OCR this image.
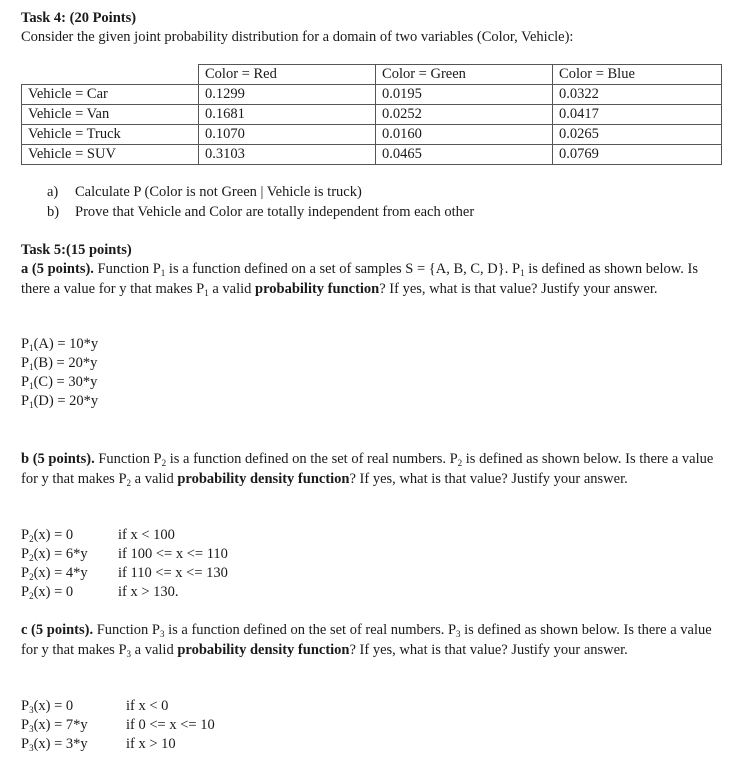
Task 4: (20 Points)
Consider the given joint probability distribution for a domain of two variables (Color, Vehicle):
	Color = Red	Color = Green	Color = Blue
Vehicle = Car	0.1299	0.0195	0.0322
Vehicle = Van	0.1681	0.0252	0.0417
Vehicle = Truck	0.1070	0.0160	0.0265
Vehicle = SUV	0.3103	0.0465	0.0769
a) Calculate P (Color is not Green | Vehicle is truck)
b) Prove that Vehicle and Color are totally independent from each other
Task 5:(15 points)
a (5 points). Function $P_1$ is a function defined on a set of samples S = {A, B, C, D}. $P_1$ is defined as shown below. Is there a value for y that makes $P_1$ a valid probability function? If yes, what is that value? Justify your answer.
$P_1(A) = 10*y$
$P_1(B) = 20*y$
$P_1(C) = 30*y$
$P_1(D) = 20*y$
b (5 points). Function $P_2$ is a function defined on the set of real numbers. $P_2$ is defined as shown below. Is there a value for y that makes $P_2$ a valid probability density function? If yes, what is that value? Justify your answer.
$P_2(x) = 0$	if x < 100
$P_2(x) = 6*y$ if 100 <= x <= 110
$P_2(x) = 4*y$ if 110 <= x <= 130
$P_2(x) = 0$	if x > 130.
c (5 points). Function $P_3$ is a function defined on the set of real numbers. $P_3$ is defined as shown below. Is there a value for y that makes $P_3$ a valid probability density function? If yes, what is that value? Justify your answer.
$P_3(x) = 0$	if x < 0
$P_3(x) = 7*y$	if 0 <= x <= 10
$P_3(x) = 3*y$	if x > 10
